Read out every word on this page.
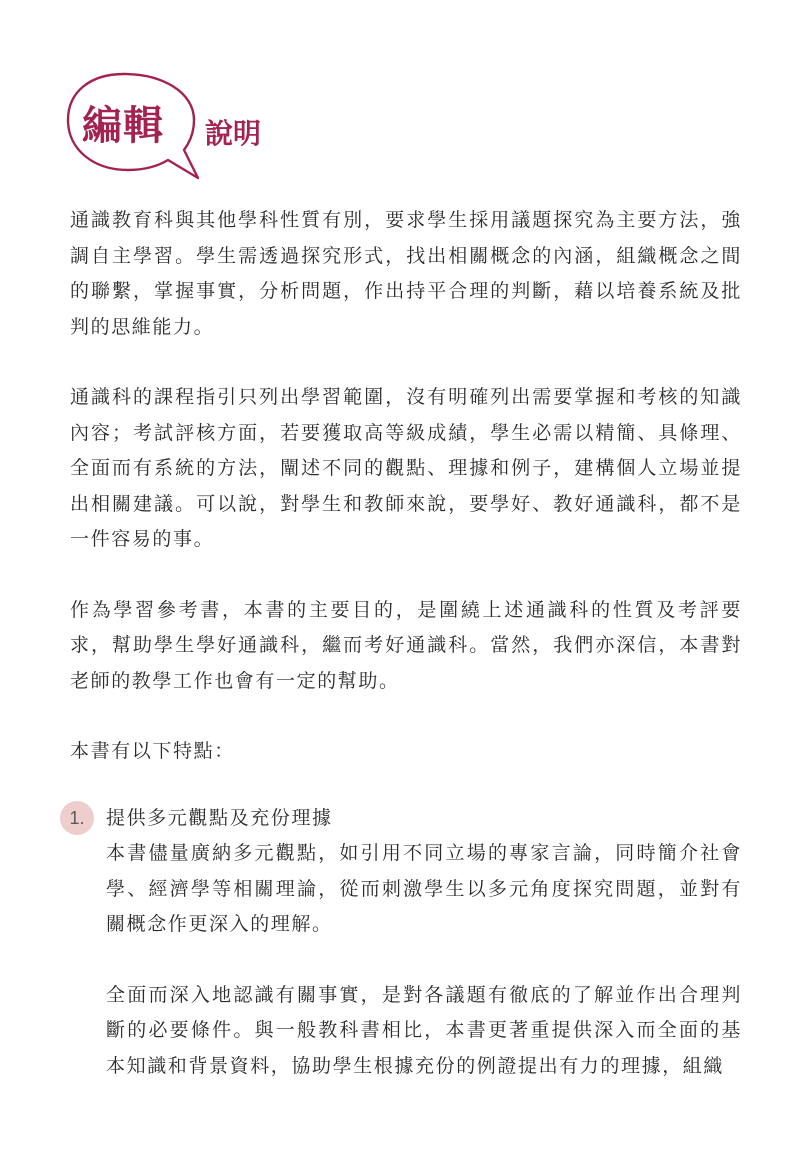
編輯 說明

通識教育科與其他學科性質有別，要求學生採用議題探究為主要方法，強調自主學習。學生需透過探究形式，找出相關概念的內涵，組織概念之間的聯繫，掌握事實，分析問題，作出持平合理的判斷，藉以培養系統及批判的思維能力。

通識科的課程指引只列出學習範圍，沒有明確列出需要掌握和考核的知識內容；考試評核方面，若要獲取高等級成績，學生必需以精簡、具條理、全面而有系統的方法，闡述不同的觀點、理據和例子，建構個人立場並提出相關建議。可以說，對學生和教師來說，要學好、教好通識科，都不是一件容易的事。

作為學習參考書，本書的主要目的，是圍繞上述通識科的性質及考評要求，幫助學生學好通識科，繼而考好通識科。當然，我們亦深信，本書對老師的教學工作也會有一定的幫助。

本書有以下特點：

1.	提供多元觀點及充份理據

本書儘量廣納多元觀點，如引用不同立場的專家言論，同時簡介社會學、經濟學等相關理論，從而刺激學生以多元角度探究問題，並對有關概念作更深入的理解。

全面而深入地認識有關事實，是對各議題有徹底的了解並作出合理判斷的必要條件。與一般教科書相比，本書更著重提供深入而全面的基本知識和背景資料，協助學生根據充份的例證提出有力的理據，組織
